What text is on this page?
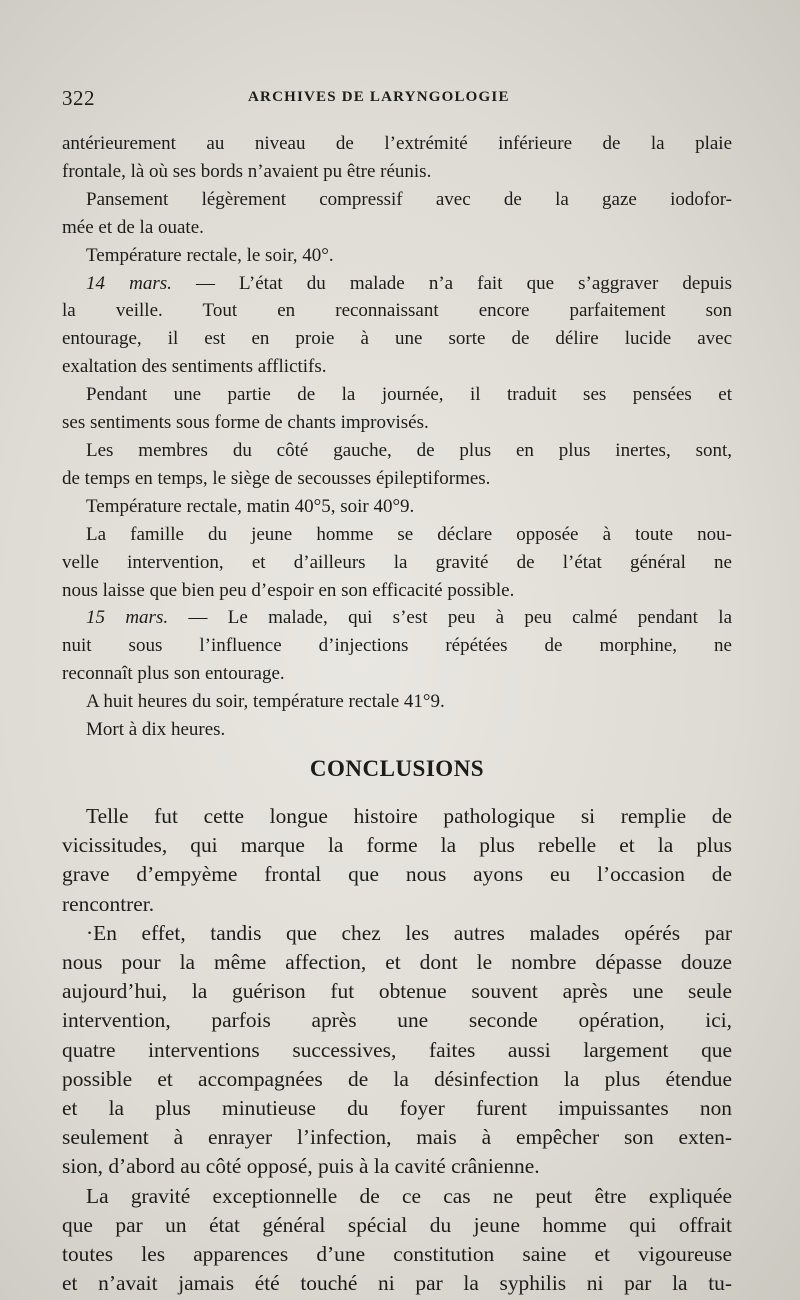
322	ARCHIVES DE LARYNGOLOGIE

antérieurement au niveau de l’extrémité inférieure de la plaie
frontale, là où ses bords n’avaient pu être réunis.

Pansement légèrement compressif avec de la gaze iodofor-
mée et de la ouate.

Température rectale, le soir, 40°.

14 mars. — L’état du malade n’a fait que s’aggraver depuis
la veille. Tout en reconnaissant encore parfaitement son
entourage, il est en proie à une sorte de délire lucide avec
exaltation des sentiments afflictifs.

Pendant une partie de la journée, il traduit ses pensées et
ses sentiments sous forme de chants improvisés.

Les membres du côté gauche, de plus en plus inertes, sont,
de temps en temps, le siège de secousses épileptiformes.

Température rectale, matin 40°5, soir 40°9.

La famille du jeune homme se déclare opposée à toute nou-
velle intervention, et d’ailleurs la gravité de l’état général ne
nous laisse que bien peu d’espoir en son efficacité possible.

15 mars. — Le malade, qui s’est peu à peu calmé pendant la
nuit sous l’influence d’injections répétées de morphine, ne
reconnaît plus son entourage.

A huit heures du soir, température rectale 41°9.

Mort à dix heures.

CONCLUSIONS

Telle fut cette longue histoire pathologique si remplie de
vicissitudes, qui marque la forme la plus rebelle et la plus
grave d’empyème frontal que nous ayons eu l’occasion de
rencontrer.

·En effet, tandis que chez les autres malades opérés par
nous pour la même affection, et dont le nombre dépasse douze
aujourd’hui, la guérison fut obtenue souvent après une seule
intervention, parfois après une seconde opération, ici,
quatre interventions successives, faites aussi largement que
possible et accompagnées de la désinfection la plus étendue
et la plus minutieuse du foyer furent impuissantes non
seulement à enrayer l’infection, mais à empêcher son exten-
sion, d’abord au côté opposé, puis à la cavité crânienne.

La gravité exceptionnelle de ce cas ne peut être expliquée
que par un état général spécial du jeune homme qui offrait
toutes les apparences d’une constitution saine et vigoureuse
et n’avait jamais été touché ni par la syphilis ni par la tu-
